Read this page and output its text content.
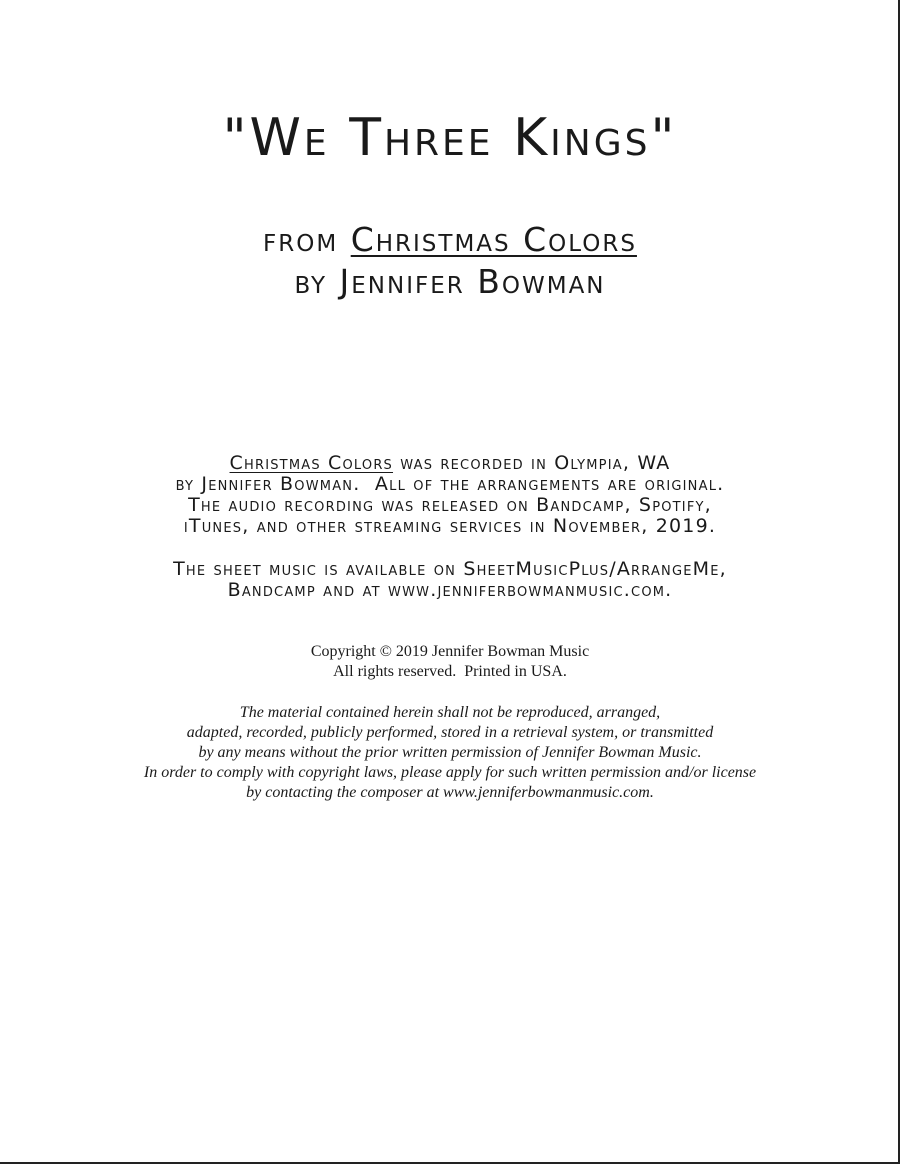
"We Three Kings"
from Christmas Colors
by Jennifer Bowman
Christmas Colors was recorded in Olympia, WA
by Jennifer Bowman.  All of the arrangements are original.
The audio recording was released on Bandcamp, Spotify,
iTunes, and other streaming services in November, 2019.
The sheet music is available on SheetMusicPlus/ArrangeMe,
Bandcamp and at www.jenniferbowmanmusic.com.
Copyright © 2019 Jennifer Bowman Music
All rights reserved.  Printed in USA.
The material contained herein shall not be reproduced, arranged,
adapted, recorded, publicly performed, stored in a retrieval system, or transmitted
by any means without the prior written permission of Jennifer Bowman Music.
In order to comply with copyright laws, please apply for such written permission and/or license
by contacting the composer at www.jenniferbowmanmusic.com.
